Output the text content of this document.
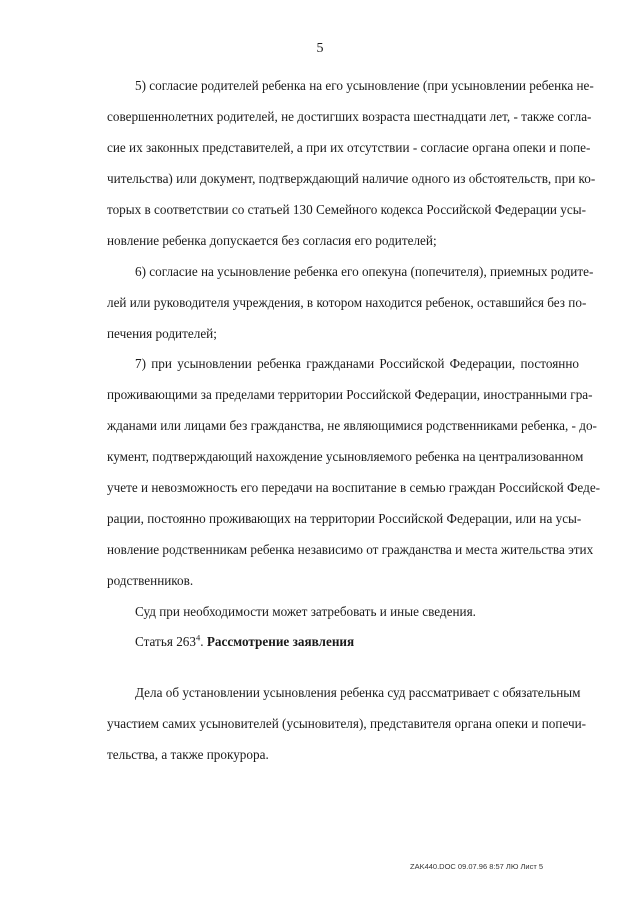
5
5) согласие родителей ребенка на его усыновление (при усыновлении ребенка не-
совершеннолетних родителей, не достигших возраста шестнадцати лет, - также согла-
сие их законных представителей, а при их отсутствии - согласие органа опеки и попе-
чительства) или документ, подтверждающий наличие одного из обстоятельств, при ко-
торых в соответствии со статьей 130 Семейного кодекса Российской Федерации усы-
новление ребенка допускается без согласия его родителей;
6) согласие на усыновление ребенка его опекуна (попечителя), приемных родите-
лей или руководителя учреждения, в котором находится ребенок, оставшийся без по-
печения родителей;
7) при усыновлении ребенка гражданами Российской Федерации, постоянно
проживающими за пределами территории Российской Федерации, иностранными гра-
жданами или лицами без гражданства, не являющимися родственниками ребенка, - до-
кумент, подтверждающий нахождение усыновляемого ребенка на централизованном
учете и невозможность его передачи на воспитание в семью граждан Российской Феде-
рации, постоянно проживающих на территории Российской Федерации, или на усы-
новление родственникам ребенка независимо от гражданства и места жительства этих
родственников.
Суд при необходимости может затребовать и иные сведения.
Статья $263^4$. Рассмотрение заявления
Дела об установлении усыновления ребенка суд рассматривает с обязательным
участием самих усыновителей (усыновителя), представителя органа опеки и попечи-
тельства, а также прокурора.
ZAK440.DOC 09.07.96 8:57 ЛЮ Лист 5
